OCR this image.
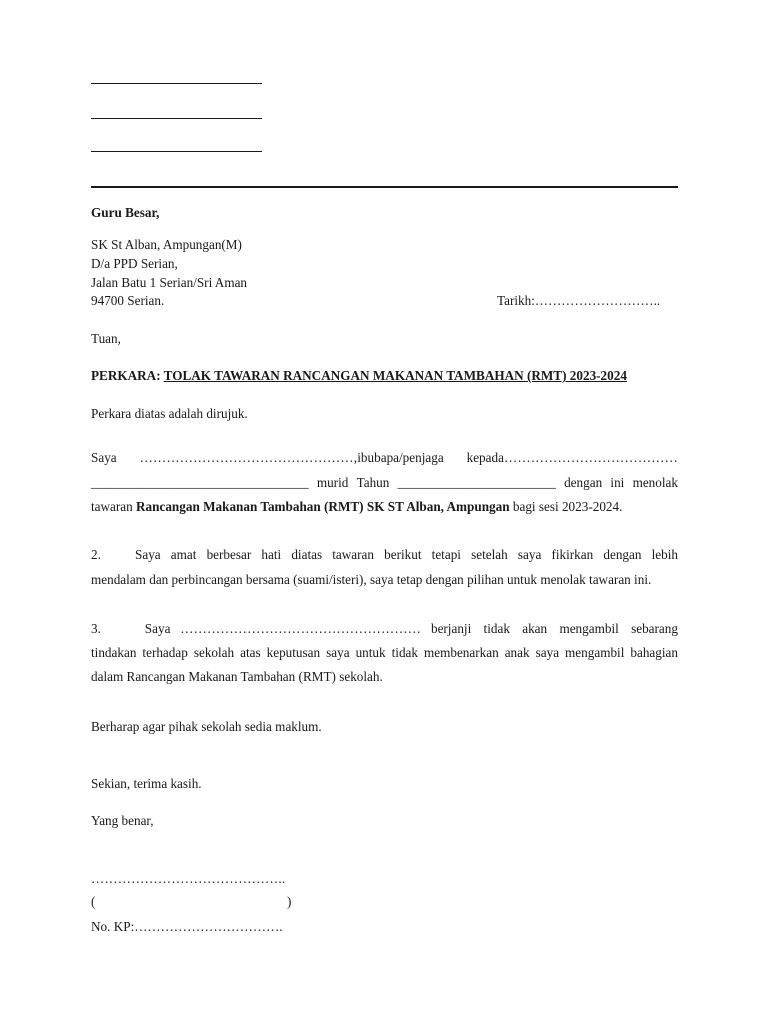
Guru Besar,
SK St Alban, Ampungan(M)
D/a PPD Serian,
Jalan Batu 1 Serian/Sri Aman
94700 Serian.	Tarikh:………………………..
Tuan,
PERKARA: TOLAK TAWARAN RANCANGAN MAKANAN TAMBAHAN (RMT) 2023-2024
Perkara diatas adalah dirujuk.
Saya …………………………………………,ibubapa/penjaga kepada…………………………………
_________________________________ murid Tahun ________________________ dengan ini menolak
tawaran Rancangan Makanan Tambahan (RMT) SK ST Alban, Ampungan bagi sesi 2023-2024.
2.	Saya amat berbesar hati diatas tawaran berikut tetapi setelah saya fikirkan dengan lebih
mendalam dan perbincangan bersama (suami/isteri), saya tetap dengan pilihan untuk menolak tawaran ini.
3.	Saya ……………………………………………… berjanji tidak akan mengambil sebarang
tindakan terhadap sekolah atas keputusan saya untuk tidak membenarkan anak saya mengambil bahagian
dalam Rancangan Makanan Tambahan (RMT) sekolah.
Berharap agar pihak sekolah sedia maklum.
Sekian, terima kasih.
Yang benar,
……………………………………..
(	)
No. KP:…………………………….
